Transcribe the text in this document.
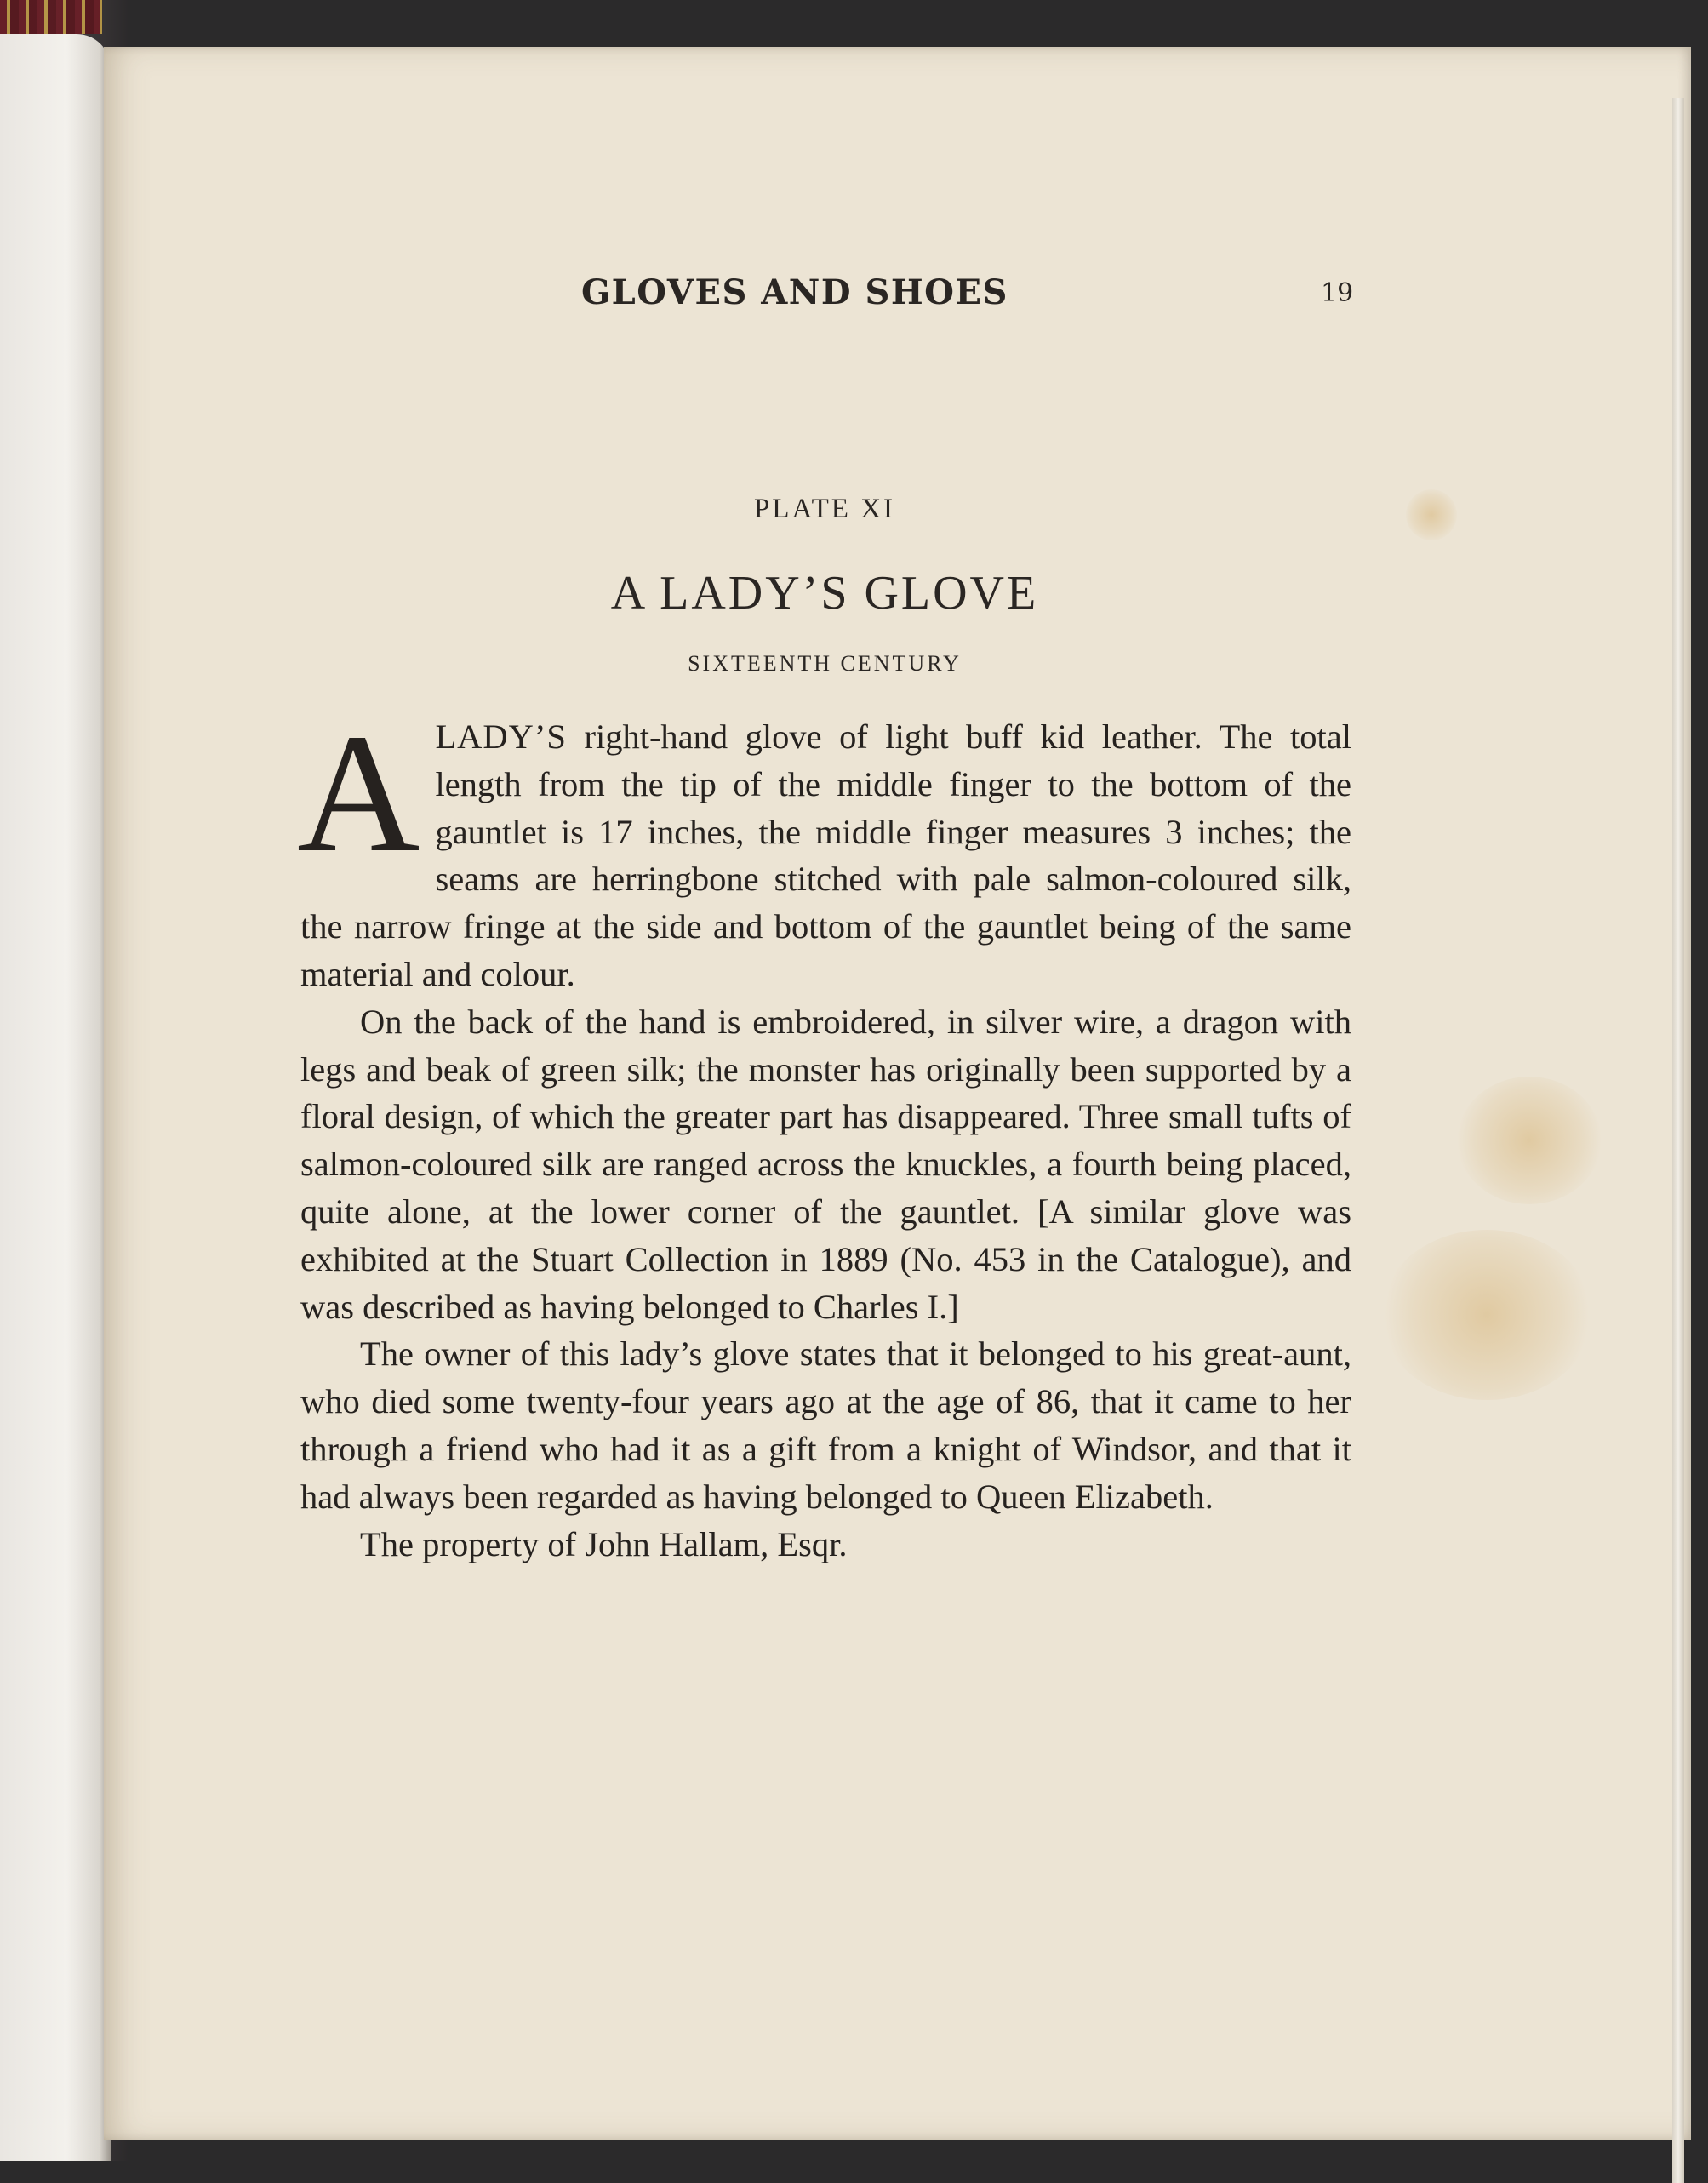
GLOVES AND SHOES	19
PLATE XI
A LADY’S GLOVE
SIXTEENTH CENTURY

ALADY’S right-hand glove of light buff kid leather. The total length from the tip of the middle finger to the bottom of the gauntlet is 17 inches, the middle finger measures 3 inches; the seams are herringbone stitched with pale salmon-coloured silk, the narrow fringe at the side and bottom of the gauntlet being of the same material and colour.

On the back of the hand is embroidered, in silver wire, a dragon with legs and beak of green silk; the monster has originally been supported by a floral design, of which the greater part has disappeared. Three small tufts of salmon-coloured silk are ranged across the knuckles, a fourth being placed, quite alone, at the lower corner of the gauntlet. [A similar glove was exhibited at the Stuart Collection in 1889 (No. 453 in the Catalogue), and was described as having belonged to Charles I.]

The owner of this lady’s glove states that it belonged to his great-aunt, who died some twenty-four years ago at the age of 86, that it came to her through a friend who had it as a gift from a knight of Windsor, and that it had always been regarded as having belonged to Queen Elizabeth.

The property of John Hallam, Esqr.
